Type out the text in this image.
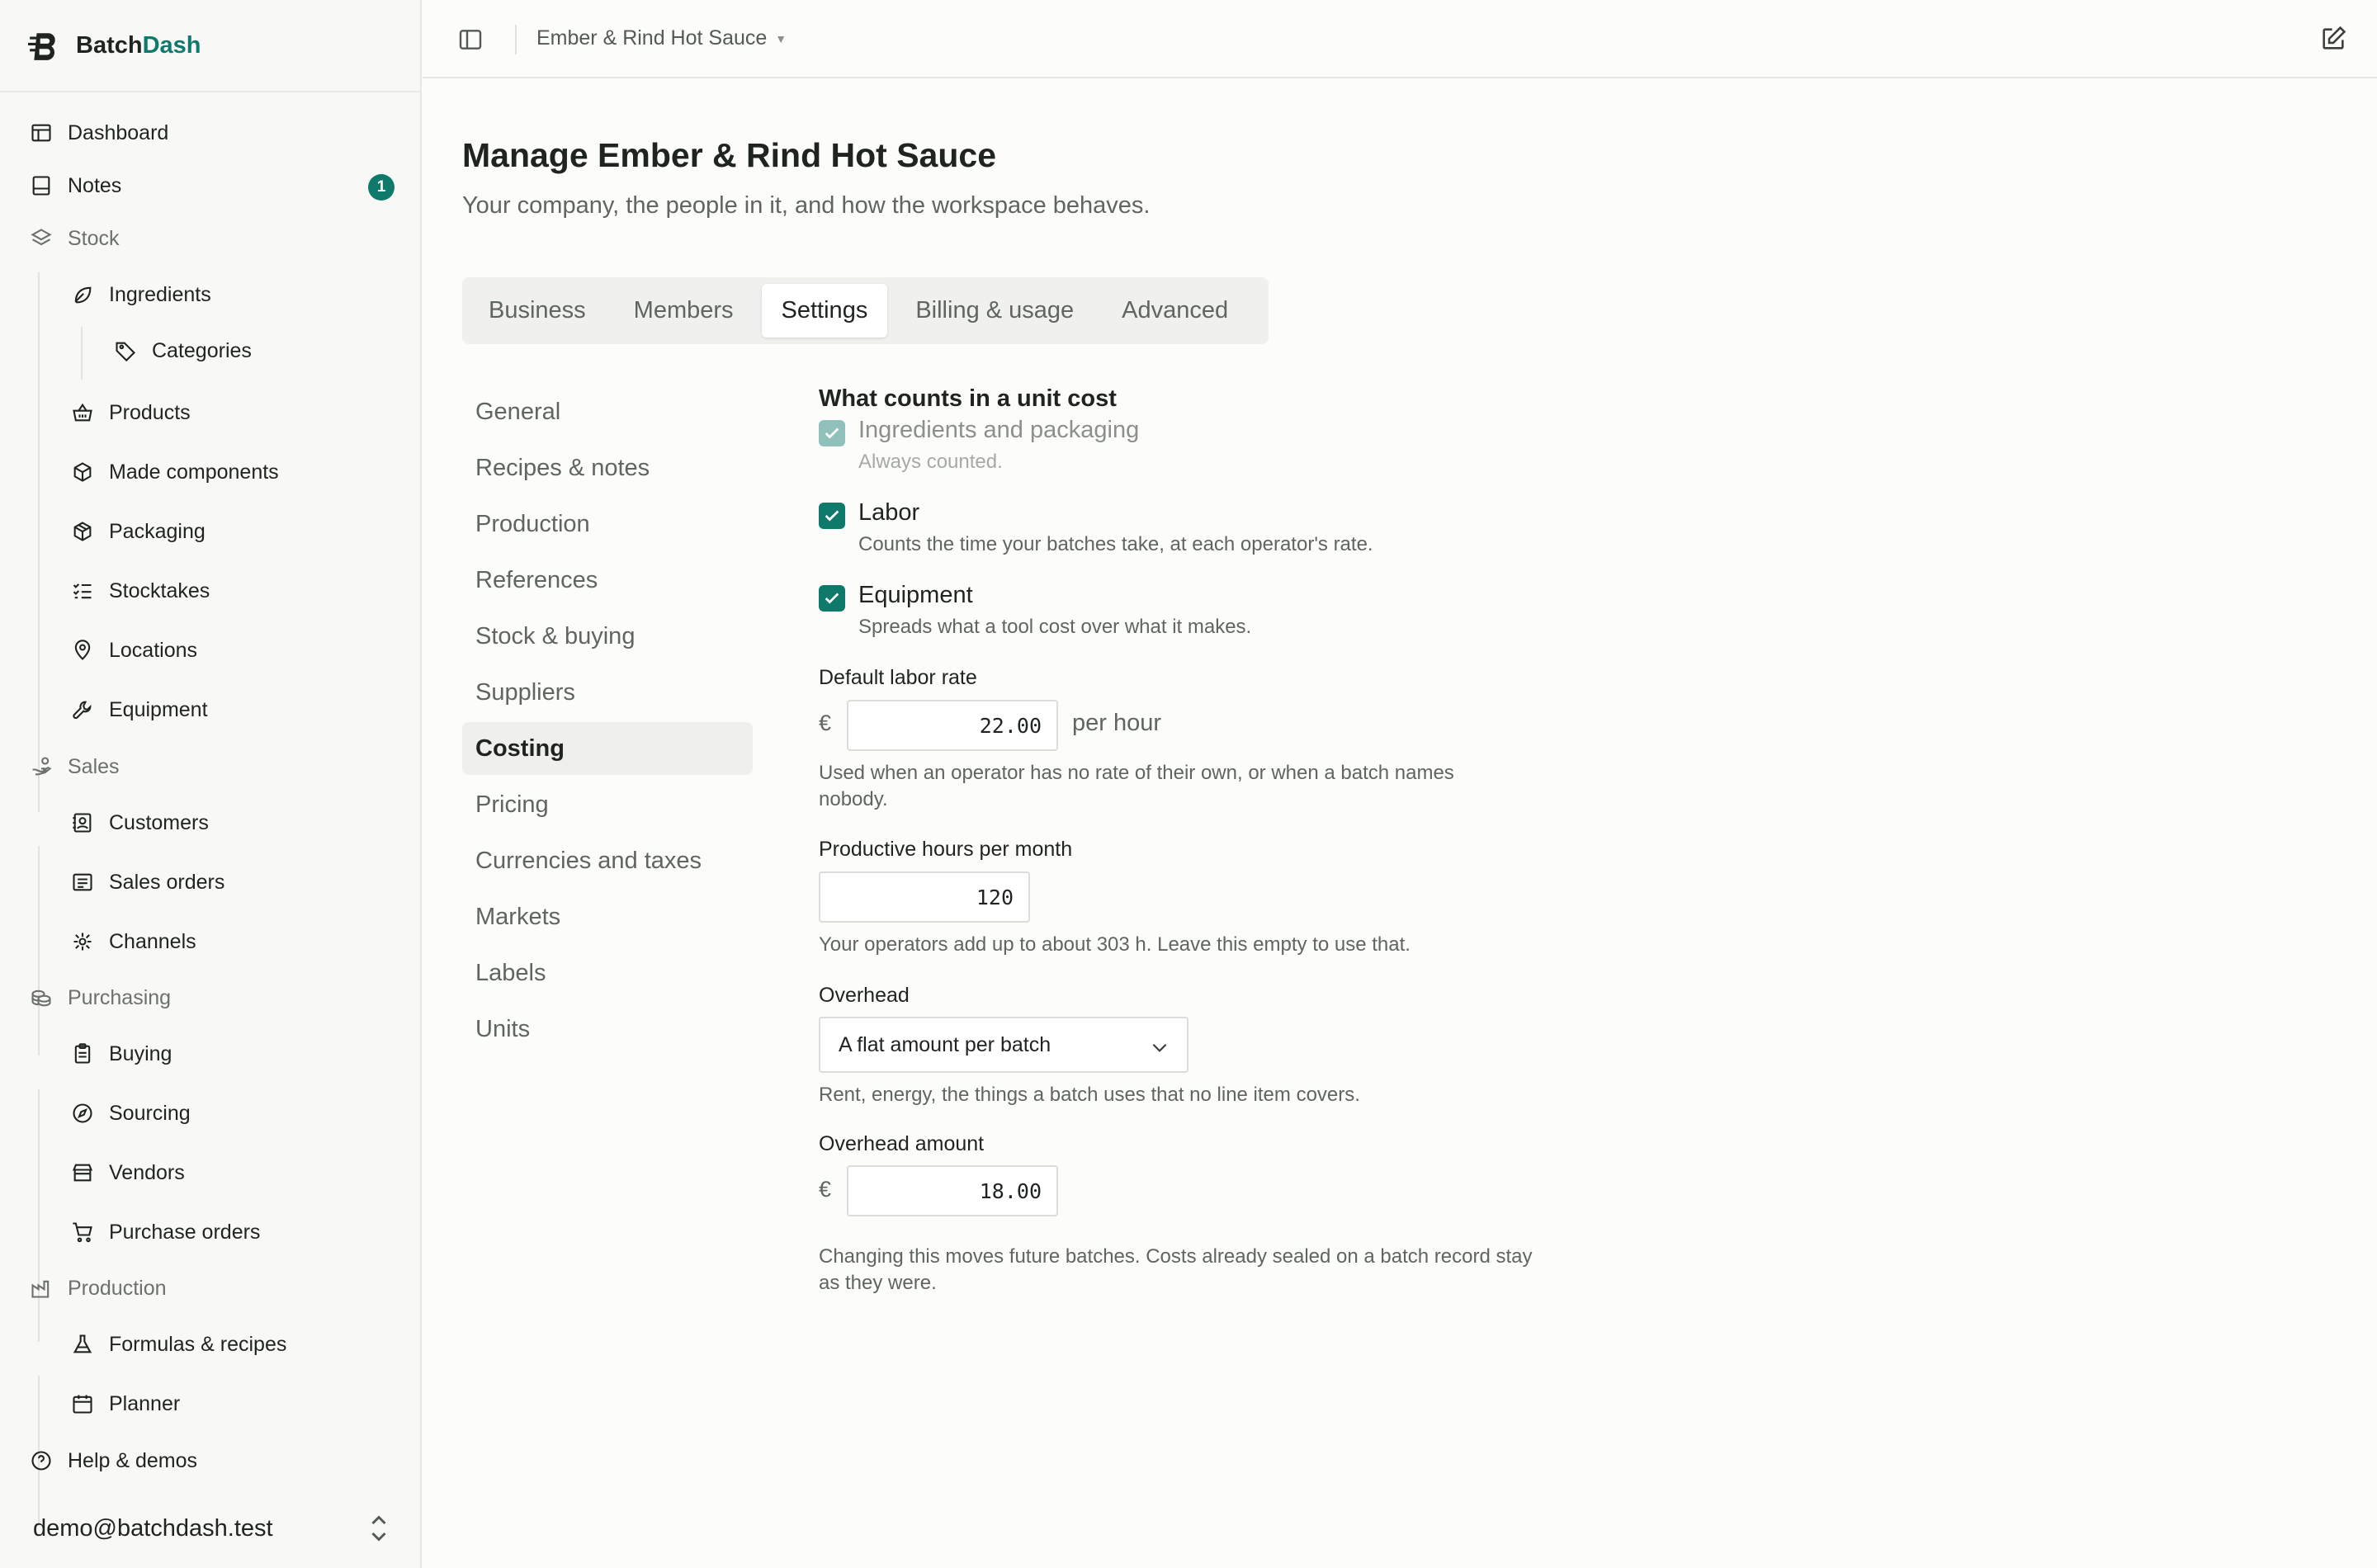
BatchDash
Dashboard
Notes	1
Stock
Ingredients
Categories
Products
Made components
Packaging
Stocktakes
Locations
Equipment
Sales
Customers
Sales orders
Channels
Purchasing
Buying
Sourcing
Vendors
Purchase orders
Production
Formulas & recipes
Planner
Help & demos
demo@batchdash.test
Ember & Rind Hot Sauce ▼
Manage Ember & Rind Hot Sauce

Your company, the people in it, and how the workspace behaves.

Business	Members	Settings	Billing & usage	Advanced
General
Recipes & notes
Production
References
Stock & buying
Suppliers
Costing
Pricing
Currencies and taxes
Markets
Labels
Units
What counts in a unit cost
Ingredients and packaging
Always counted.
Labor
Counts the time your batches take, at each operator's rate.
Equipment
Spreads what a tool cost over what it makes.
Default labor rate
€	22.00	per hour
Used when an operator has no rate of their own, or when a batch names nobody.
Productive hours per month
120
Your operators add up to about 303 h. Leave this empty to use that.
Overhead
A flat amount per batch
Rent, energy, the things a batch uses that no line item covers.
Overhead amount
€	18.00
Changing this moves future batches. Costs already sealed on a batch record stay as they were.
